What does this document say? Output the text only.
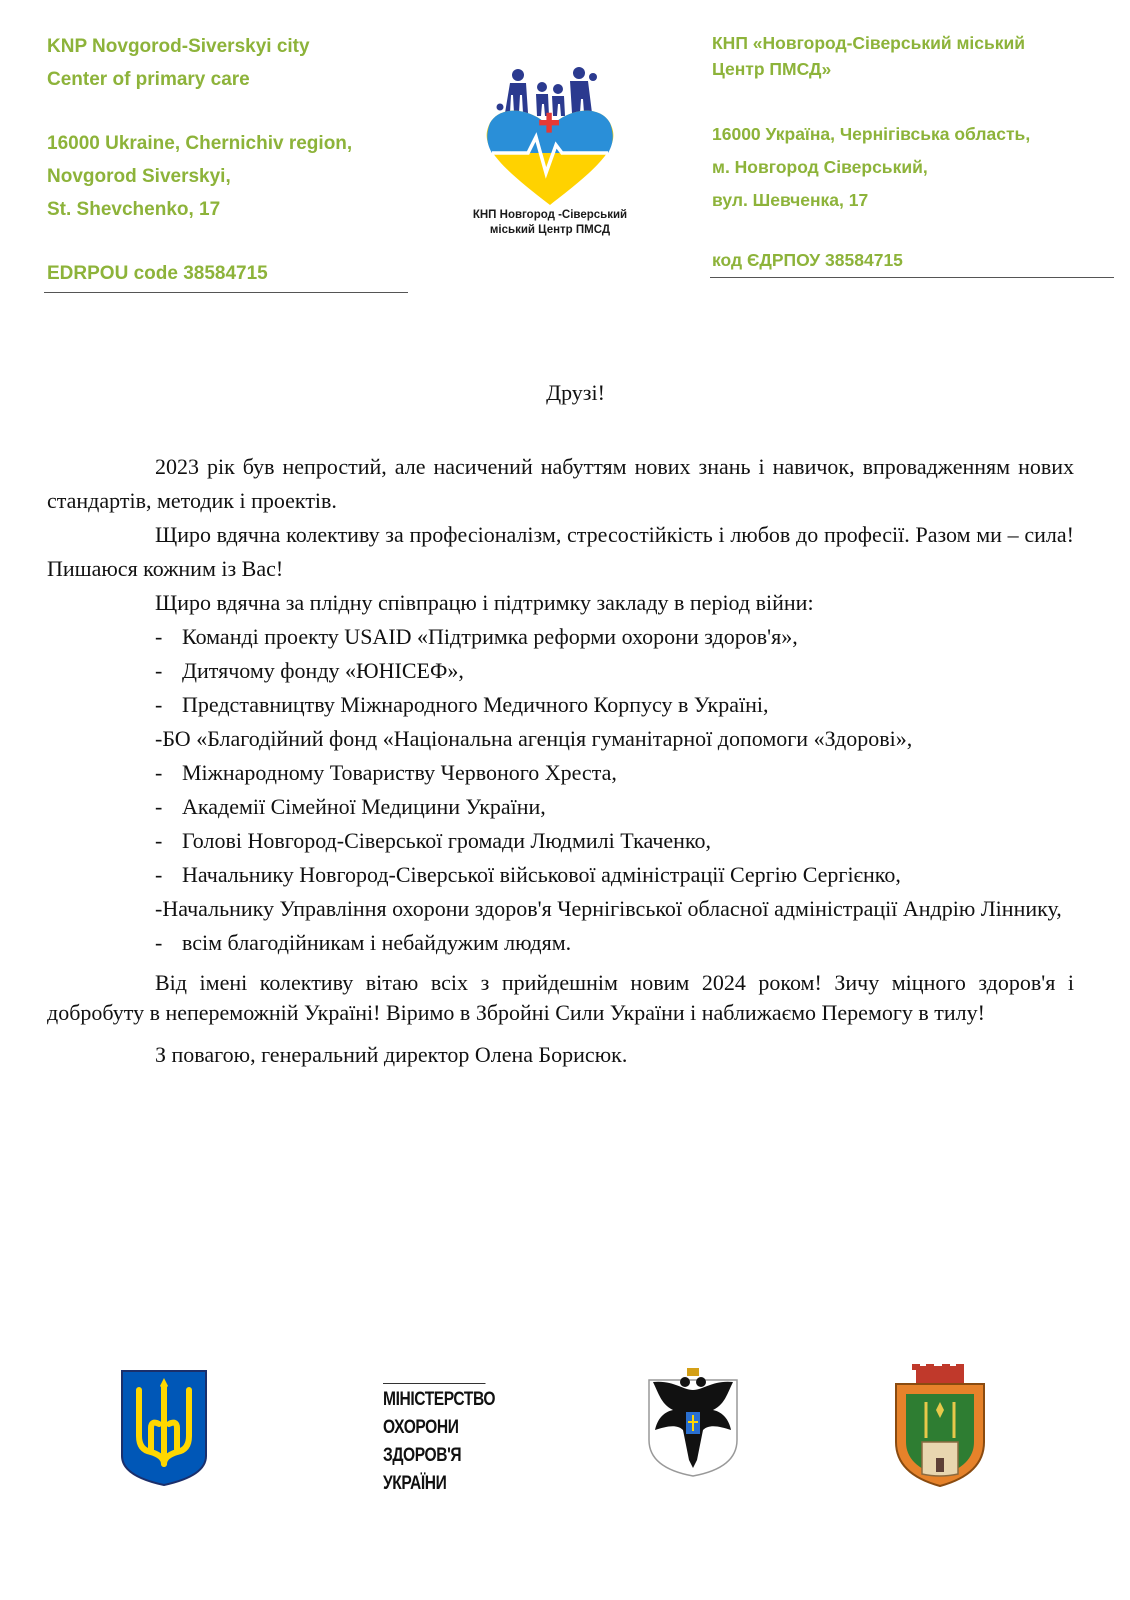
KNP Novgorod-Siverskyi city
Center of primary care
16000 Ukraine, Chernichiv region,
Novgorod Siverskyi,
St. Shevchenko, 17
EDRPOU code 38584715
КНП «Новгород-Сіверський міський
Центр ПМСД»
16000 Україна, Чернігівська область,
м. Новгород Сіверський,
вул. Шевченка, 17
код ЄДРПОУ 38584715
КНП Новгород -Сіверський
міський Центр ПМСД
Друзі!

2023 рік був непростий, але насичений набуттям нових знань і навичок, впровадженням нових стандартів, методик і проектів.

Щиро вдячна колективу за професіоналізм, стресостійкість і любов до професії. Разом ми – сила! Пишаюся кожним із Вас!

Щиро вдячна за плідну співпрацю і підтримку закладу в період війни:

- Команді проекту USAID «Підтримка реформи охорони здоров'я»,
- Дитячому фонду «ЮНІСЕФ»,
- Представництву Міжнародного Медичного Корпусу в Україні,
-БО «Благодійний фонд «Національна агенція гуманітарної допомоги «Здорові»,
- Міжнародному Товариству Червоного Хреста,
- Академії Сімейної Медицини України,
- Голові Новгород-Сіверської громади Людмилі Ткаченко,
- Начальнику Новгород-Сіверської військової адміністрації Сергію Сергієнко,
-Начальнику Управління охорони здоров'я Чернігівської обласної адміністрації Андрію Ліннику,
- всім благодійникам і небайдужим людям.

Від імені колективу вітаю всіх з прийдешнім новим 2024 роком! Зичу міцного здоров'я і добробуту в непереможній Україні! Віримо в Збройні Сили України і наближаємо Перемогу в тилу!

З повагою, генеральний директор Олена Борисюк.
МІНІСТЕРСТВО
ОХОРОНИ
ЗДОРОВ'Я
УКРАЇНИ
